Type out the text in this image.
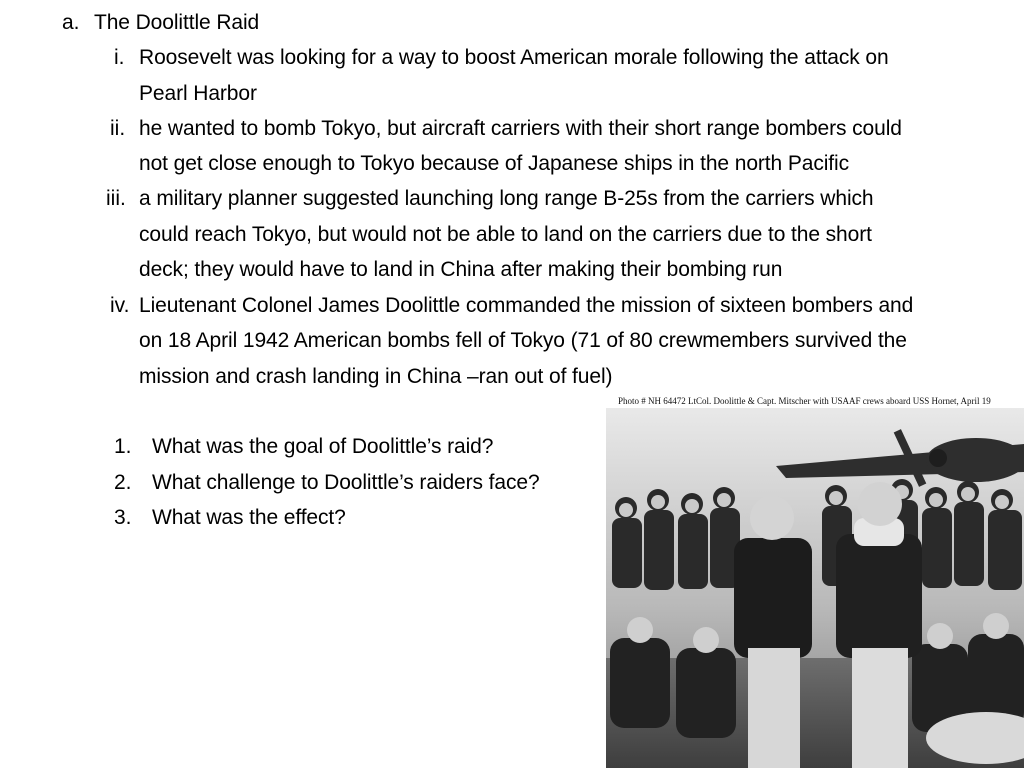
a. The Doolittle Raid
i. Roosevelt was looking for a way to boost American morale following the attack on
Pearl Harbor
ii. he wanted to bomb Tokyo, but aircraft carriers with their short range bombers could
not get close enough to Tokyo because of Japanese ships in the north Pacific
iii. a military planner suggested launching long range B-25s from the carriers which
could reach Tokyo, but would not be able to land on the carriers due to the short
deck; they would have to land in China after making their bombing run
iv. Lieutenant Colonel James Doolittle commanded the mission of sixteen bombers and
on 18 April 1942 American bombs fell of Tokyo (71 of 80 crewmembers survived the
mission and crash landing in China –ran out of fuel)
1. What was the goal of Doolittle’s raid?
2. What challenge to Doolittle’s raiders face?
3. What was the effect?
Photo # NH 64472 LtCol. Doolittle & Capt. Mitscher with USAAF crews aboard USS Hornet, April 19
